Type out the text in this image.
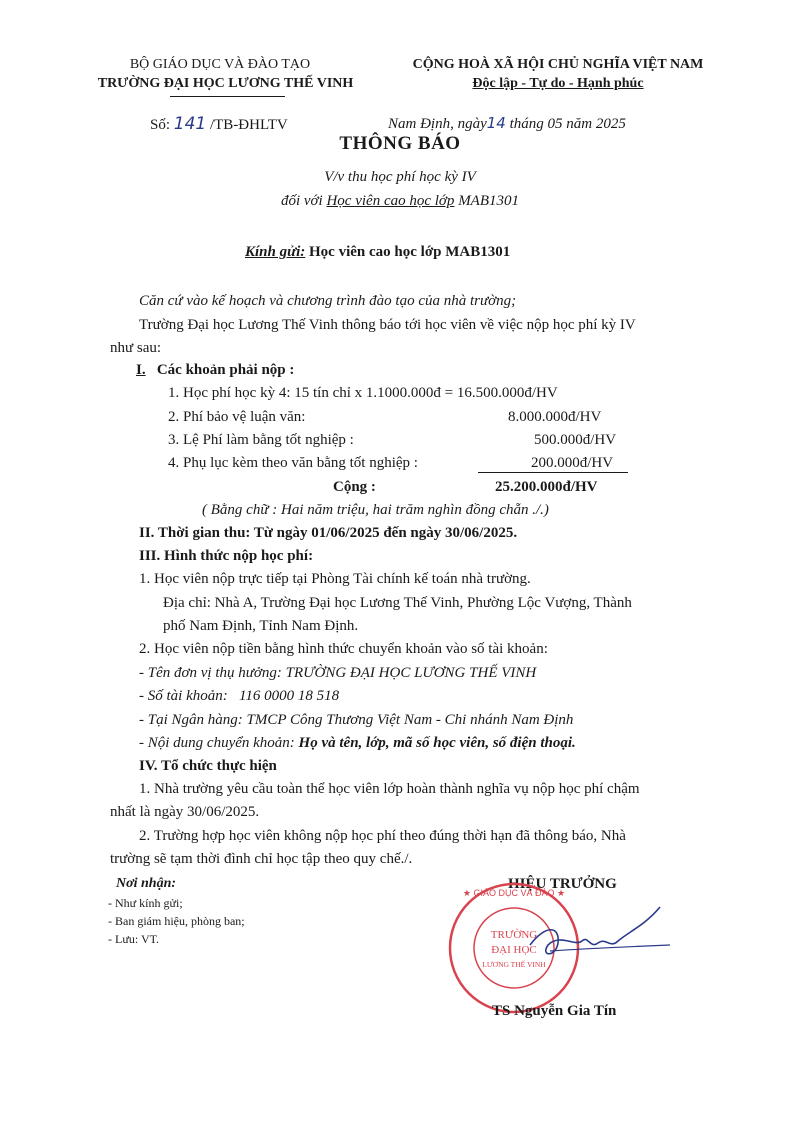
BỘ GIÁO DỤC VÀ ĐÀO TẠO
TRƯỜNG ĐẠI HỌC LƯƠNG THẾ VINH
CỘNG HOÀ XÃ HỘI CHỦ NGHĨA VIỆT NAM
Độc lập - Tự do - Hạnh phúc
Số: 141 /TB-ĐHLTV	Nam Định, ngày14 tháng 05 năm 2025
THÔNG BÁO
V/v thu học phí học kỳ IV
đối với Học viên cao học lớp MAB1301
Kính gửi: Học viên cao học lớp MAB1301
Căn cứ vào kế hoạch và chương trình đào tạo của nhà trường;
Trường Đại học Lương Thế Vinh thông báo tới học viên về việc nộp học phí kỳ IV
như sau:
I. Các khoản phải nộp :
1. Học phí học kỳ 4: 15 tín chỉ x 1.1000.000đ = 16.500.000đ/HV
2. Phí bảo vệ luận văn:	8.000.000đ/HV
3. Lệ Phí làm bằng tốt nghiệp :	500.000đ/HV
4. Phụ lục kèm theo văn bằng tốt nghiệp :	200.000đ/HV
Cộng :	25.200.000đ/HV
( Bằng chữ : Hai năm triệu, hai trăm nghìn đồng chẵn ./.)
II. Thời gian thu: Từ ngày 01/06/2025 đến ngày 30/06/2025.
III. Hình thức nộp học phí:
1. Học viên nộp trực tiếp tại Phòng Tài chính kế toán nhà trường.
Địa chỉ: Nhà A, Trường Đại học Lương Thế Vinh, Phường Lộc Vượng, Thành
phố Nam Định, Tỉnh Nam Định.
2. Học viên nộp tiền bằng hình thức chuyển khoản vào số tài khoản:
- Tên đơn vị thụ hưởng: TRƯỜNG ĐẠI HỌC LƯƠNG THẾ VINH
- Số tài khoản: 116 0000 18 518
- Tại Ngân hàng: TMCP Công Thương Việt Nam - Chi nhánh Nam Định
- Nội dung chuyển khoản: Họ và tên, lớp, mã số học viên, số điện thoại.
IV. Tổ chức thực hiện
1. Nhà trường yêu cầu toàn thể học viên lớp hoàn thành nghĩa vụ nộp học phí chậm
nhất là ngày 30/06/2025.
2. Trường hợp học viên không nộp học phí theo đúng thời hạn đã thông báo, Nhà
trường sẽ tạm thời đình chỉ học tập theo quy chế./.
Nơi nhận:
- Như kính gửi;
- Ban giám hiệu, phòng ban;
- Lưu: VT.
HIỆU TRƯỞNG
TRƯỜNG
ĐẠI HỌC
LƯƠNG THẾ VINH
★ GIÁO DỤC VÀ ĐÀO ★
TS Nguyễn Gia Tín
